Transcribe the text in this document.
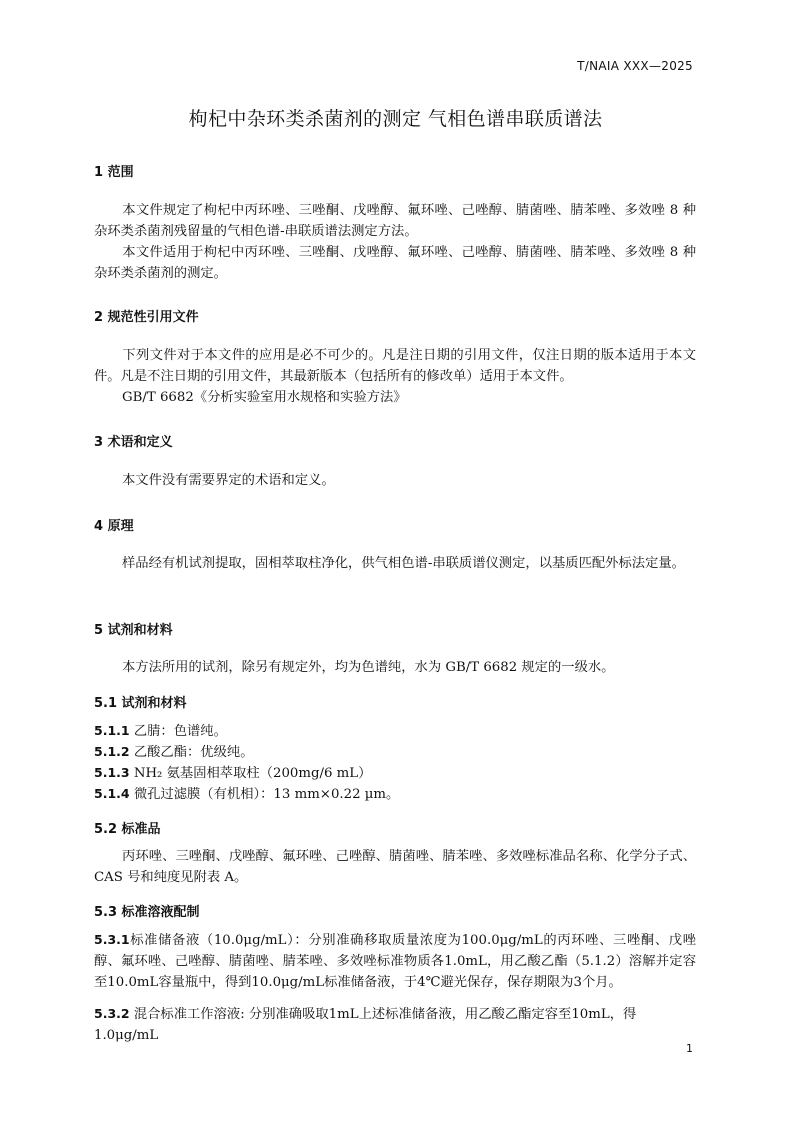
T/NAIA XXX—2025
枸杞中杂环类杀菌剂的测定 气相色谱串联质谱法
1 范围
本文件规定了枸杞中丙环唑、三唑酮、戊唑醇、氟环唑、己唑醇、腈菌唑、腈苯唑、多效唑 8 种杂环类杀菌剂残留量的气相色谱-串联质谱法测定方法。
本文件适用于枸杞中丙环唑、三唑酮、戊唑醇、氟环唑、己唑醇、腈菌唑、腈苯唑、多效唑 8 种杂环类杀菌剂的测定。
2 规范性引用文件
下列文件对于本文件的应用是必不可少的。凡是注日期的引用文件，仅注日期的版本适用于本文件。凡是不注日期的引用文件，其最新版本（包括所有的修改单）适用于本文件。
GB/T 6682《分析实验室用水规格和实验方法》
3 术语和定义
本文件没有需要界定的术语和定义。
4 原理
样品经有机试剂提取，固相萃取柱净化，供气相色谱-串联质谱仪测定，以基质匹配外标法定量。
5 试剂和材料
本方法所用的试剂，除另有规定外，均为色谱纯，水为 GB/T 6682 规定的一级水。
5.1 试剂和材料
5.1.1 乙腈：色谱纯。
5.1.2 乙酸乙酯：优级纯。
5.1.3 NH₂ 氨基固相萃取柱（200mg/6 mL）
5.1.4 微孔过滤膜（有机相）：13 mm×0.22 µm。
5.2 标准品
丙环唑、三唑酮、戊唑醇、氟环唑、己唑醇、腈菌唑、腈苯唑、多效唑标准品名称、化学分子式、CAS 号和纯度见附表 A。
5.3 标准溶液配制
5.3.1标准储备液（10.0μg/mL）：分别准确移取质量浓度为100.0μg/mL的丙环唑、三唑酮、戊唑醇、氟环唑、己唑醇、腈菌唑、腈苯唑、多效唑标准物质各1.0mL，用乙酸乙酯（5.1.2）溶解并定容至10.0mL容量瓶中，得到10.0μg/mL标准储备液，于4℃避光保存，保存期限为3个月。
5.3.2 混合标准工作溶液: 分别准确吸取1mL上述标准储备液，用乙酸乙酯定容至10mL，得1.0μg/mL
1
